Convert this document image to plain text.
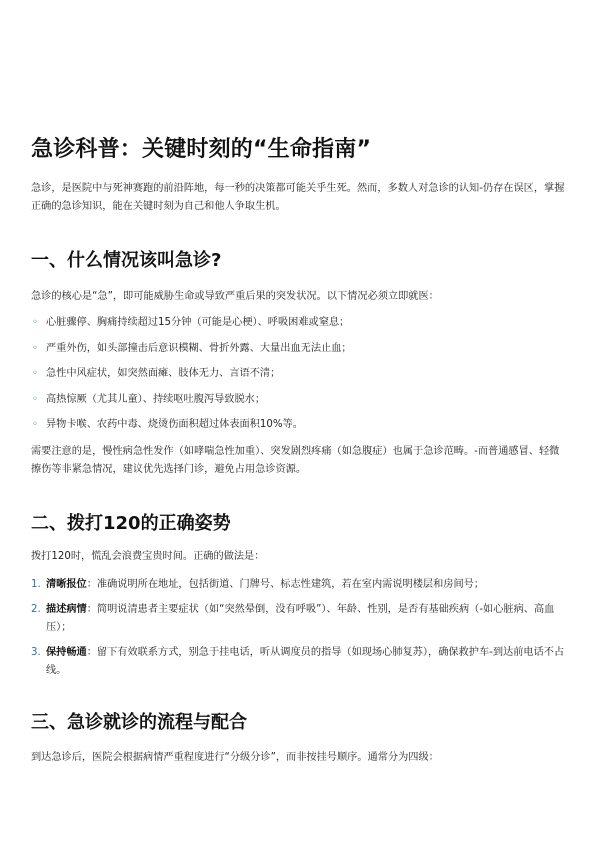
急诊科普：关键时刻的“生命指南”

急诊，是医院中与死神赛跑的前沿阵地，每一秒的决策都可能关乎生死。然而，多数人对急诊的认知-仍存在误区，掌握正确的急诊知识，能在关键时刻为自己和他人争取生机。

一、什么情况该叫急诊?

急诊的核心是“急”，即可能威胁生命或导致严重后果的突发状况。以下情况必须立即就医：

◦ 心脏骤停、胸痛持续超过15分钟（可能是心梗）、呼吸困难或窒息；
◦ 严重外伤，如头部撞击后意识模糊、骨折外露、大量出血无法止血；
◦ 急性中风症状，如突然面瘫、肢体无力、言语不清；
◦ 高热惊厥（尤其儿童）、持续呕吐腹泻导致脱水；
◦ 异物卡喉、农药中毒、烧烫伤面积超过体表面积10%等。

需要注意的是，慢性病急性发作（如哮喘急性加重）、突发剧烈疼痛（如急腹症）也属于急诊范畴。-而普通感冒、轻微擦伤等非紧急情况，建议优先选择门诊，避免占用急诊资源。

二、拨打120的正确姿势

拨打120时，慌乱会浪费宝贵时间。正确的做法是：

1. 清晰报位：准确说明所在地址，包括街道、门牌号、标志性建筑，若在室内需说明楼层和房间号；
2. 描述病情：简明说清患者主要症状（如“突然晕倒，没有呼吸”）、年龄、性别，是否有基础疾病（-如心脏病、高血压）；
3. 保持畅通：留下有效联系方式，别急于挂电话，听从调度员的指导（如现场心肺复苏），确保救护车-到达前电话不占线。
三、急诊就诊的流程与配合

到达急诊后，医院会根据病情严重程度进行“分级分诊”，而非按挂号顺序。通常分为四级：
